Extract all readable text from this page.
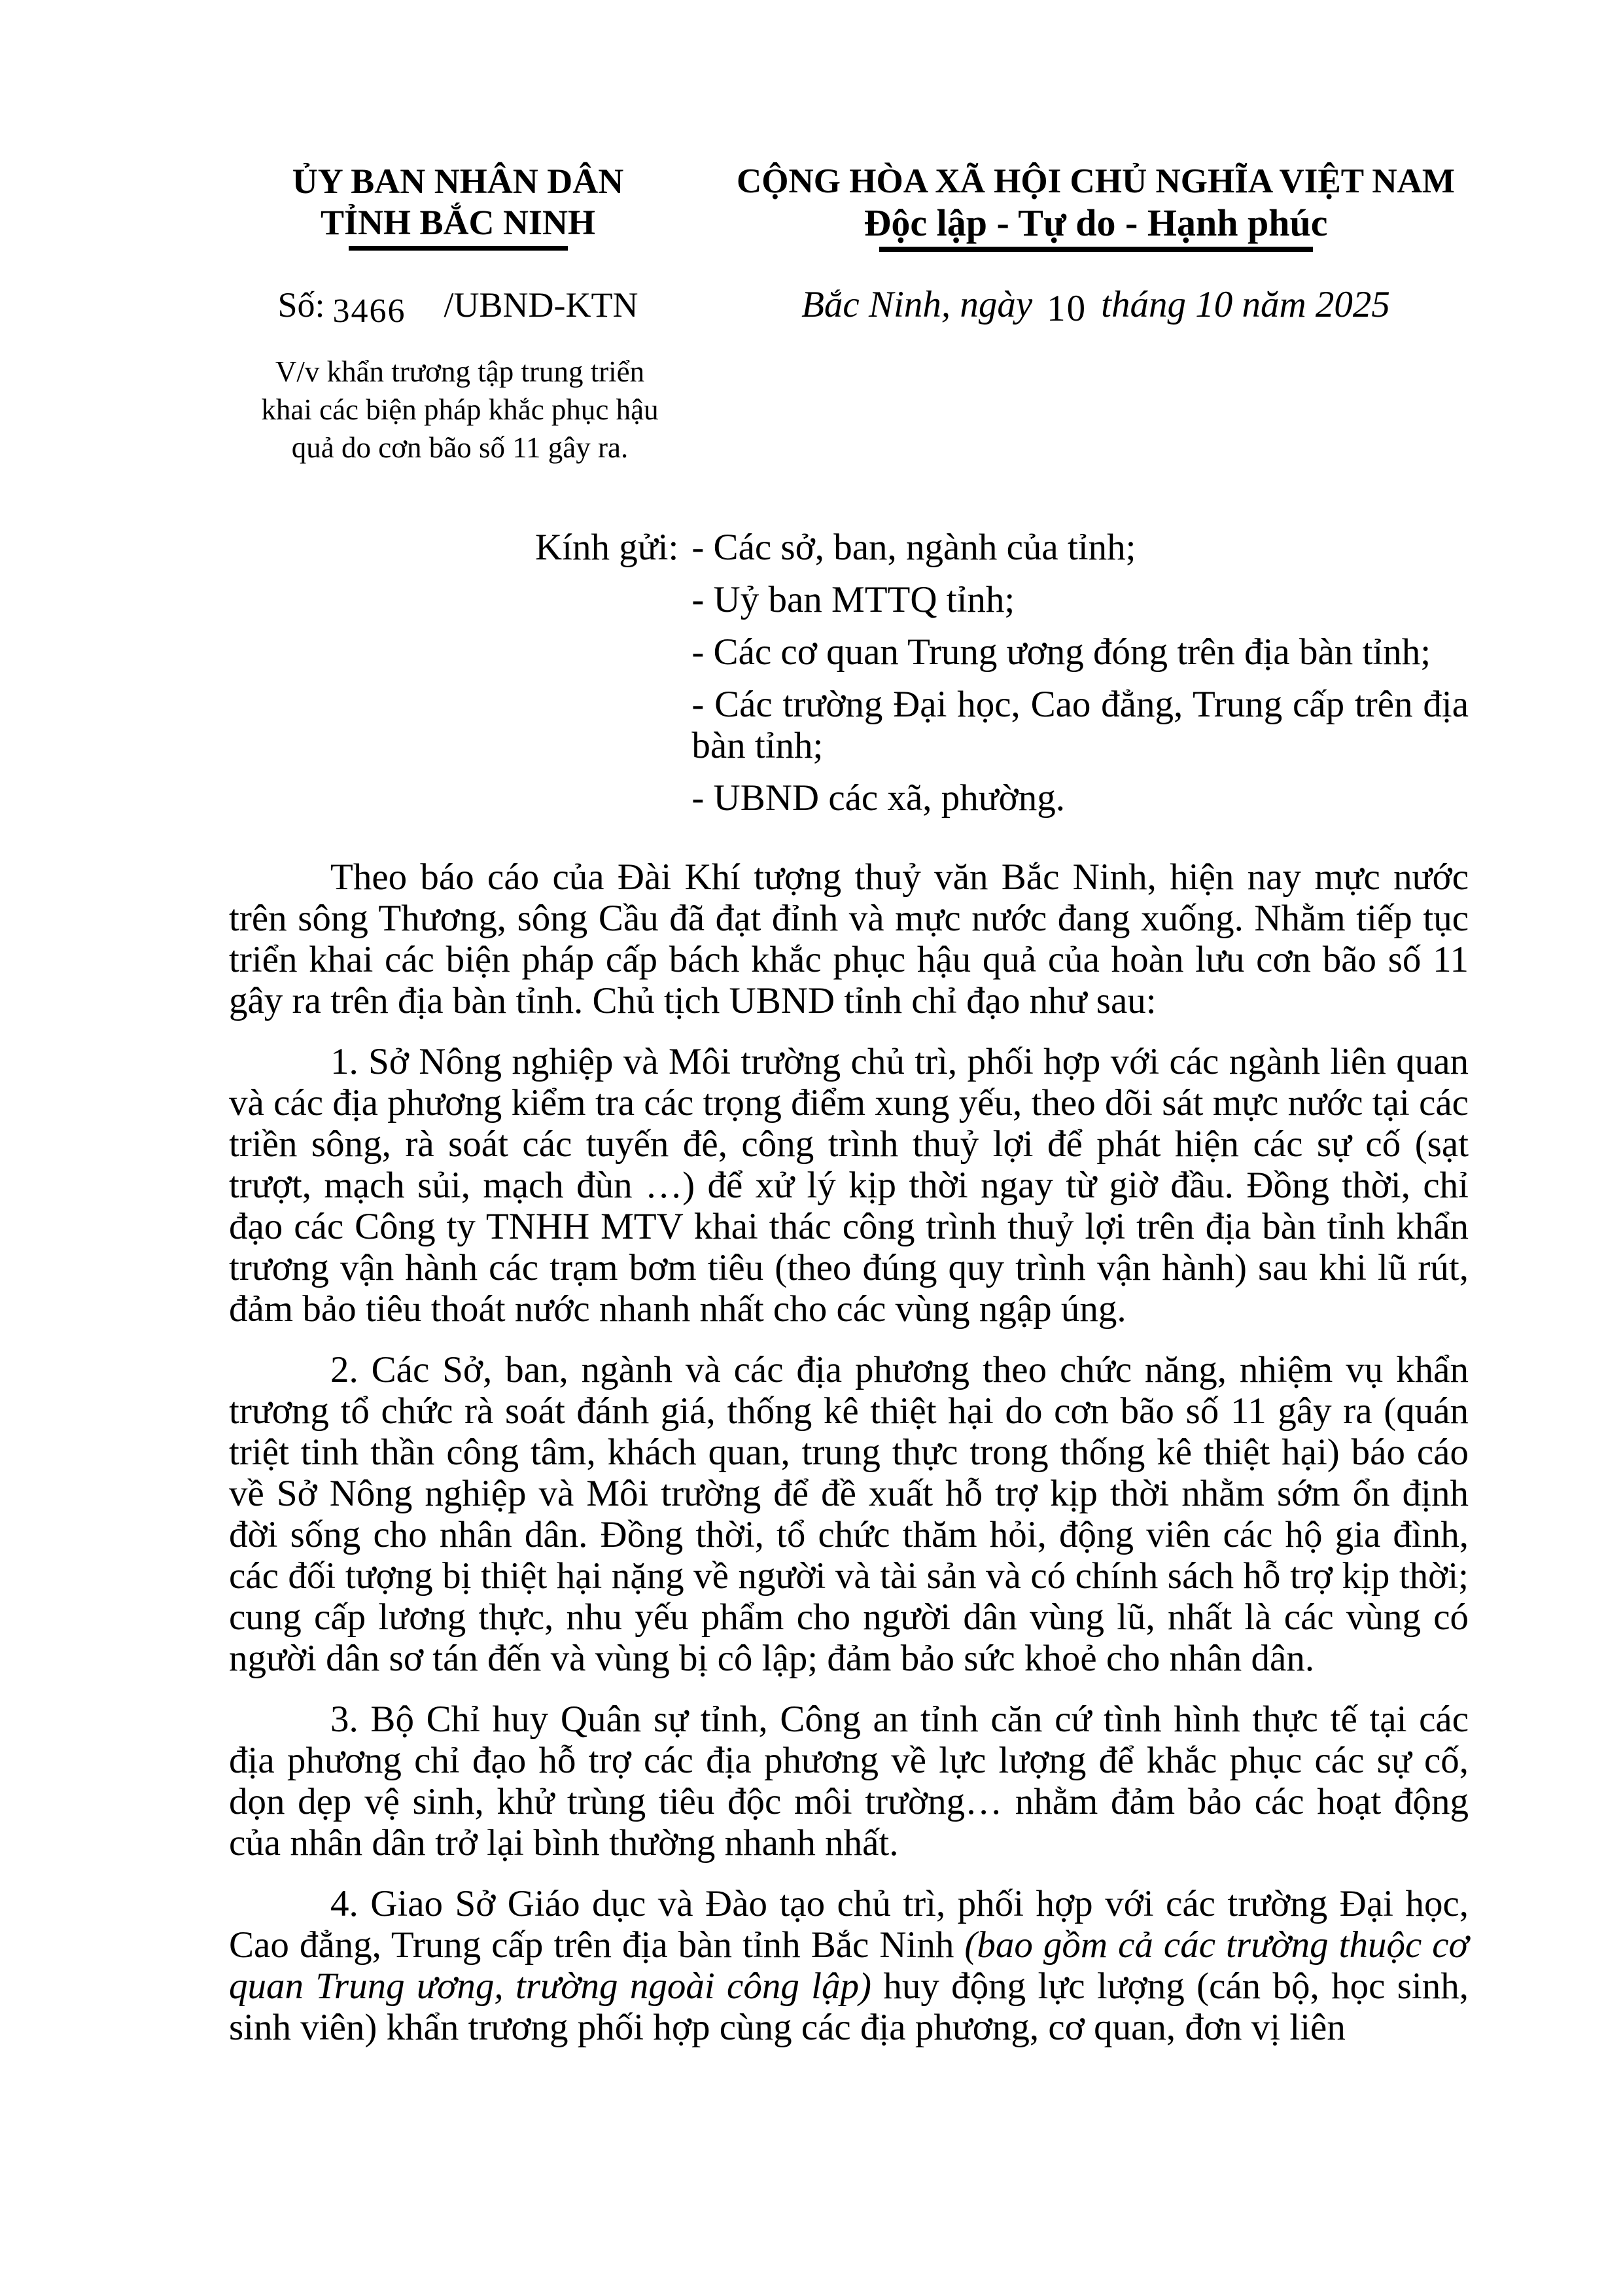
ỦY BAN NHÂN DÂN
TỈNH BẮC NINH
CỘNG HÒA XÃ HỘI CHỦ NGHĨA VIỆT NAM
Độc lập - Tự do - Hạnh phúc
Số: 3466 /UBND-KTN	Bắc Ninh, ngày 10 tháng 10 năm 2025
V/v khẩn trương tập trung triển
khai các biện pháp khắc phục hậu
quả do cơn bão số 11 gây ra.
Kính gửi: - Các sở, ban, ngành của tỉnh;
- Uỷ ban MTTQ tỉnh;
- Các cơ quan Trung ương đóng trên địa bàn tỉnh;
- Các trường Đại học, Cao đẳng, Trung cấp trên địa bàn tỉnh;
- UBND các xã, phường.

Theo báo cáo của Đài Khí tượng thuỷ văn Bắc Ninh, hiện nay mực nước trên sông Thương, sông Cầu đã đạt đỉnh và mực nước đang xuống. Nhằm tiếp tục triển khai các biện pháp cấp bách khắc phục hậu quả của hoàn lưu cơn bão số 11 gây ra trên địa bàn tỉnh. Chủ tịch UBND tỉnh chỉ đạo như sau:

1. Sở Nông nghiệp và Môi trường chủ trì, phối hợp với các ngành liên quan và các địa phương kiểm tra các trọng điểm xung yếu, theo dõi sát mực nước tại các triền sông, rà soát các tuyến đê, công trình thuỷ lợi để phát hiện các sự cố (sạt trượt, mạch sủi, mạch đùn …) để xử lý kịp thời ngay từ giờ đầu. Đồng thời, chỉ đạo các Công ty TNHH MTV khai thác công trình thuỷ lợi trên địa bàn tỉnh khẩn trương vận hành các trạm bơm tiêu (theo đúng quy trình vận hành) sau khi lũ rút, đảm bảo tiêu thoát nước nhanh nhất cho các vùng ngập úng.

2. Các Sở, ban, ngành và các địa phương theo chức năng, nhiệm vụ khẩn trương tổ chức rà soát đánh giá, thống kê thiệt hại do cơn bão số 11 gây ra (quán triệt tinh thần công tâm, khách quan, trung thực trong thống kê thiệt hại) báo cáo về Sở Nông nghiệp và Môi trường để đề xuất hỗ trợ kịp thời nhằm sớm ổn định đời sống cho nhân dân. Đồng thời, tổ chức thăm hỏi, động viên các hộ gia đình, các đối tượng bị thiệt hại nặng về người và tài sản và có chính sách hỗ trợ kịp thời; cung cấp lương thực, nhu yếu phẩm cho người dân vùng lũ, nhất là các vùng có người dân sơ tán đến và vùng bị cô lập; đảm bảo sức khoẻ cho nhân dân.

3. Bộ Chỉ huy Quân sự tỉnh, Công an tỉnh căn cứ tình hình thực tế tại các địa phương chỉ đạo hỗ trợ các địa phương về lực lượng để khắc phục các sự cố, dọn dẹp vệ sinh, khử trùng tiêu độc môi trường… nhằm đảm bảo các hoạt động của nhân dân trở lại bình thường nhanh nhất.

4. Giao Sở Giáo dục và Đào tạo chủ trì, phối hợp với các trường Đại học, Cao đẳng, Trung cấp trên địa bàn tỉnh Bắc Ninh (bao gồm cả các trường thuộc cơ quan Trung ương, trường ngoài công lập) huy động lực lượng (cán bộ, học sinh, sinh viên) khẩn trương phối hợp cùng các địa phương, cơ quan, đơn vị liên
